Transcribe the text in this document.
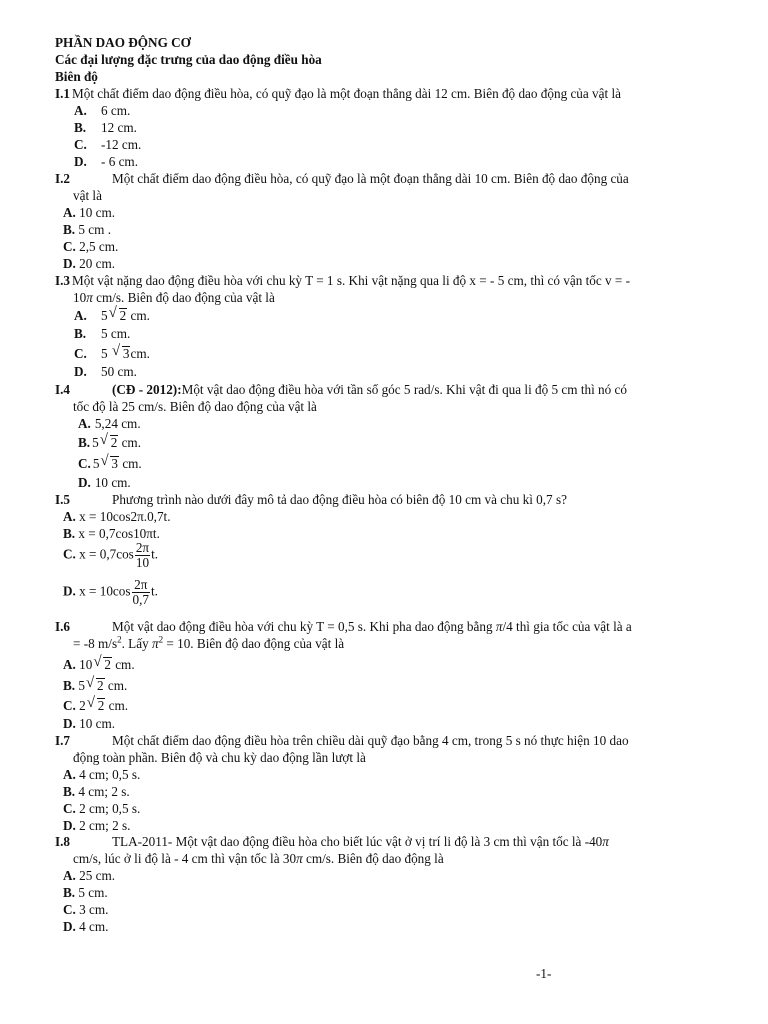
PHẦN DAO ĐỘNG CƠ
Các đại lượng đặc trưng của dao động điều hòa
Biên độ
I.1 Một chất điểm dao động điều hòa, có quỹ đạo là một đoạn thẳng dài 12 cm. Biên độ dao động của vật là
A. 6 cm.
B. 12 cm.
C. -12 cm.
D. - 6 cm.
I.2	Một chất điểm dao động điều hòa, có quỹ đạo là một đoạn thẳng dài 10 cm. Biên độ dao động của
vật là
A. 10 cm.
B. 5 cm .
C. 2,5 cm.
D. 20 cm.
I.3 Một vật nặng dao động điều hòa với chu kỳ T = 1 s. Khi vật nặng qua li độ x = - 5 cm, thì có vận tốc v = -
10π cm/s. Biên độ dao động của vật là
A. 5 √ 2 cm.
B. 5 cm.
C. 5 √ 3cm.
D. 50 cm.
I.4	(CĐ - 2012):Một vật dao động điều hòa với tần số góc 5 rad/s. Khi vật đi qua li độ 5 cm thì nó có
tốc độ là 25 cm/s. Biên độ dao động của vật là
A. 5,24 cm.
B. 5 √ 2 cm.
C. 5 √ 3 cm.
D. 10 cm.
I.5	Phương trình nào dưới đây mô tả dao động điều hòa có biên độ 10 cm và chu kì 0,7 s?
A. x = 10cos2π.0,7t.
B. x = 0,7cos10πt.
C. $x = 0,7\cos \frac{2\pi}{10} t$.
D. $x = 10\cos \frac{2\pi}{0,7} t$.
I.6	Một vật dao động điều hòa với chu kỳ T = 0,5 s. Khi pha dao động bằng π/4 thì gia tốc của vật là a
= -8 $m/s^2$. Lấy $\pi^2 = 10$. Biên độ dao động của vật là
A. 10 √ 2 cm.
B. 5 √ 2 cm.
C. 2 √ 2 cm.
D. 10 cm.
I.7	Một chất điểm dao động điều hòa trên chiều dài quỹ đạo bằng 4 cm, trong 5 s nó thực hiện 10 dao
động toàn phần. Biên độ và chu kỳ dao động lần lượt là
A. 4 cm; 0,5 s.
B. 4 cm; 2 s.
C. 2 cm; 0,5 s.
D. 2 cm; 2 s.
I.8	TLA-2011- Một vật dao động điều hòa cho biết lúc vật ở vị trí li độ là 3 cm thì vận tốc là -40π
cm/s, lúc ở li độ là - 4 cm thì vận tốc là 30π cm/s. Biên độ dao động là
A. 25 cm.
B. 5 cm.
C. 3 cm.
D. 4 cm.
-1-
